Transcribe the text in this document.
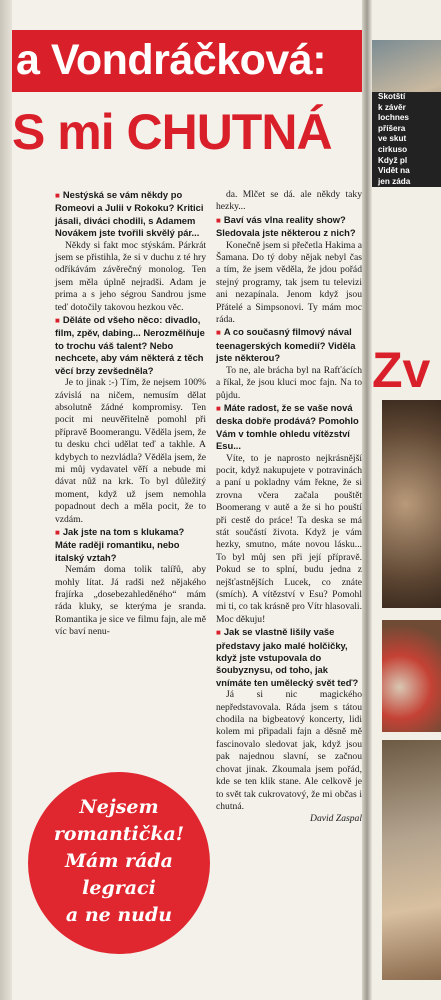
a Vondráčková:
S mi CHUTNÁ

■ Nestýská se vám někdy po Romeovi a Julii v Rokoku? Kritici jásali, diváci chodili, s Adamem Novákem jste tvořili skvělý pár...

Někdy si fakt moc stýskám. Párkrát jsem se přistihla, že si v duchu z té hry odříkávám závěrečný monolog. Ten jsem měla úplně nejradši. Adam je prima a s jeho ségrou Sandrou jsme teď dotočily takovou hezkou věc.

■ Děláte od všeho něco: divadlo, film, zpěv, dabing... Nerozmělňuje to trochu váš talent? Nebo nechcete, aby vám některá z těch věcí brzy zevšedněla?

Je to jinak :-) Tím, že nejsem 100% závislá na ničem, nemusím dělat absolutně žádné kompromisy. Ten pocit mi neuvěřitelně pomohl při přípravě Boomerangu. Věděla jsem, že tu desku chci udělat teď a takhle. A kdybych to nezvládla? Věděla jsem, že mi můj vydavatel věří a nebude mi dávat nůž na krk. To byl důležitý moment, když už jsem nemohla popadnout dech a měla pocit, že to vzdám.

■ Jak jste na tom s klukama? Máte raději romantiku, nebo italský vztah?

Nemám doma tolik talířů, aby mohly lítat. Já radši než nějakého frajírka „dosebezahleděného“ mám ráda kluky, se kterýma je sranda. Romantika je sice ve filmu fajn, ale mě víc baví nenu-

da. Mlčet se dá. ale někdy taky hezky...

■ Baví vás vlna reality show? Sledovala jste některou z nich?

Konečně jsem si přečetla Hakima a Šamana. Do tý doby nějak nebyl čas a tím, že jsem věděla, že jdou pořád stejný programy, tak jsem tu televizi ani nezapínala. Jenom když jsou Přátelé a Simpsonovi. Ty mám moc ráda.

■ A co současný filmový nával teenagerských komedií? Viděla jste některou?

To ne, ale brácha byl na Rafťácích a říkal, že jsou kluci moc fajn. Na to půjdu.

■ Máte radost, že se vaše nová deska dobře prodává? Pomohlo Vám v tomhle ohledu vítězství Esu...

Víte, to je naprosto nejkrásnější pocit, když nakupujete v potravinách a paní u pokladny vám řekne, že si zrovna včera začala pouštět Boomerang v autě a že si ho pouští při cestě do práce! Ta deska se má stát součástí života. Když je vám hezky, smutno, máte novou lásku... To byl můj sen při její přípravě. Pokud se to splní, budu jedna z nejšťastnějších Lucek, co znáte (smích). A vítězství v Esu? Pomohl mi ti, co tak krásně pro Vítr hlasovali. Moc děkuju!

■ Jak se vlastně lišily vaše představy jako malé holčičky, když jste vstupovala do šoubyznysu, od toho, jak vnímáte ten umělecký svět teď?

Já si nic magického nepředstavovala. Ráda jsem s tátou chodila na bigbeatový koncerty, lidi kolem mi připadali fajn a děsně mě fascinovalo sledovat jak, když jsou pak najednou slavní, se začnou chovat jinak. Zkoumala jsem pořád, kde se ten klik stane. Ale celkově je to svět tak cukrovatový, že mi občas i chutná.

David Zaspal
Nejsem
romantička!
Mám ráda
legraci
a ne nudu
Skotští
k závěr
lochnes
příšera
ve skut
cirkuso
Když pl
Vidět na
jen záda
Zv
